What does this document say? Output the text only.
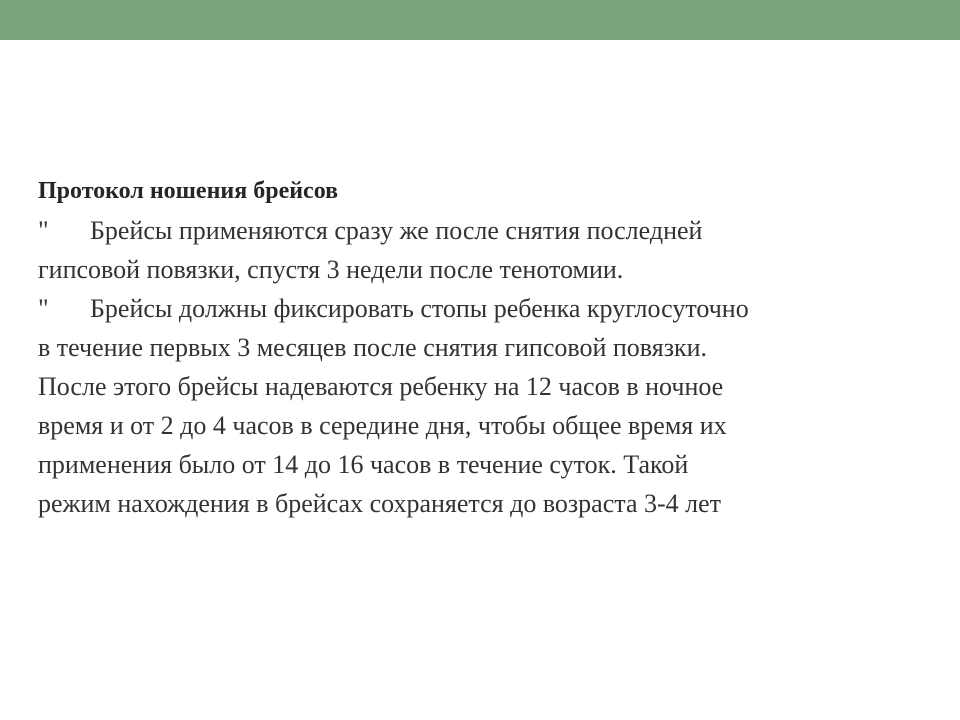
Протокол ношения брейсов
" Брейсы применяются сразу же после снятия последней
гипсовой повязки, спустя 3 недели после тенотомии.
" Брейсы должны фиксировать стопы ребенка круглосуточно
в течение первых 3 месяцев после снятия гипсовой повязки.
После этого брейсы надеваются ребенку на 12 часов в ночное
время и от 2 до 4 часов в середине дня, чтобы общее время их
применения было от 14 до 16 часов в течение суток. Такой
режим нахождения в брейсах сохраняется до возраста 3-4 лет
